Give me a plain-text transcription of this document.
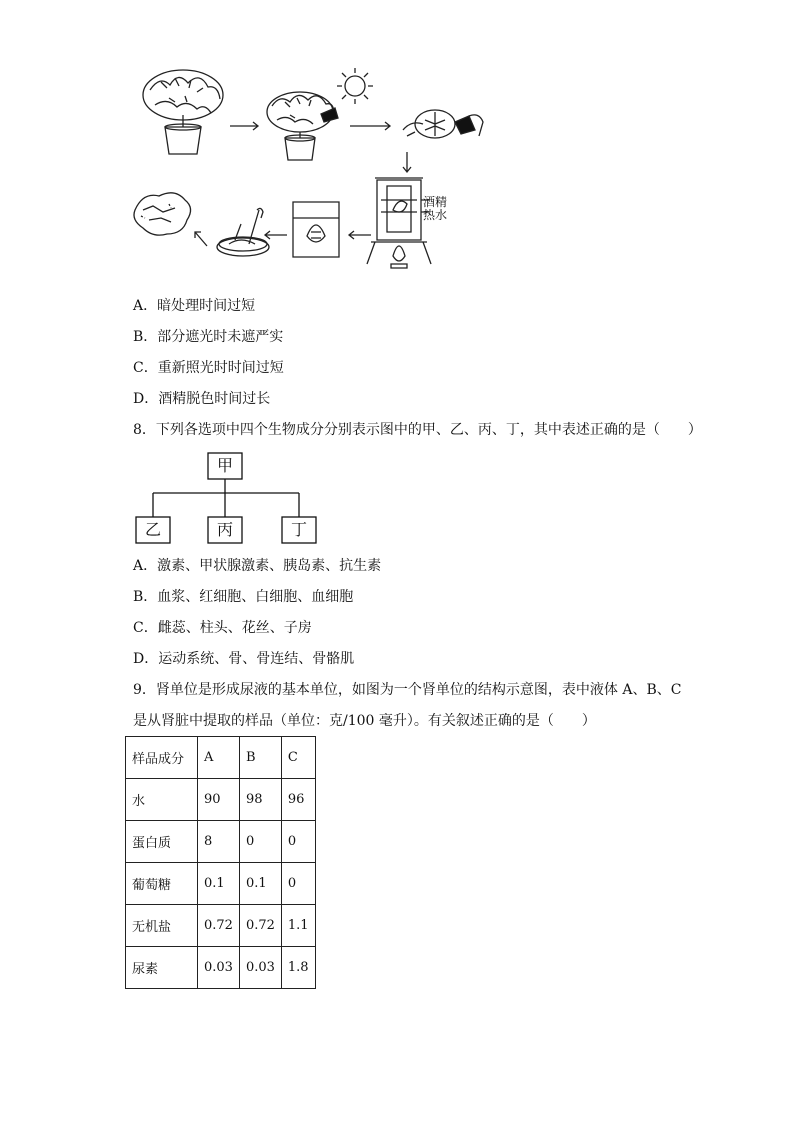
酒精
热水
A．暗处理时间过短
B．部分遮光时未遮严实
C．重新照光时时间过短
D．酒精脱色时间过长
8．下列各选项中四个生物成分分别表示图中的甲、乙、丙、丁，其中表述正确的是（　　）
甲
乙	丙	丁
A．激素、甲状腺激素、胰岛素、抗生素
B．血浆、红细胞、白细胞、血细胞
C．雌蕊、柱头、花丝、子房
D．运动系统、骨、骨连结、骨骼肌
9．肾单位是形成尿液的基本单位，如图为一个肾单位的结构示意图，表中液体 A、B、C
是从肾脏中提取的样品（单位：克/100 毫升）。有关叙述正确的是（　　）
样品成分	A	B	C
水	90	98	96
蛋白质	8	0	0
葡萄糖	0.1	0.1	0
无机盐	0.72	0.72	1.1
尿素	0.03	0.03	1.8
